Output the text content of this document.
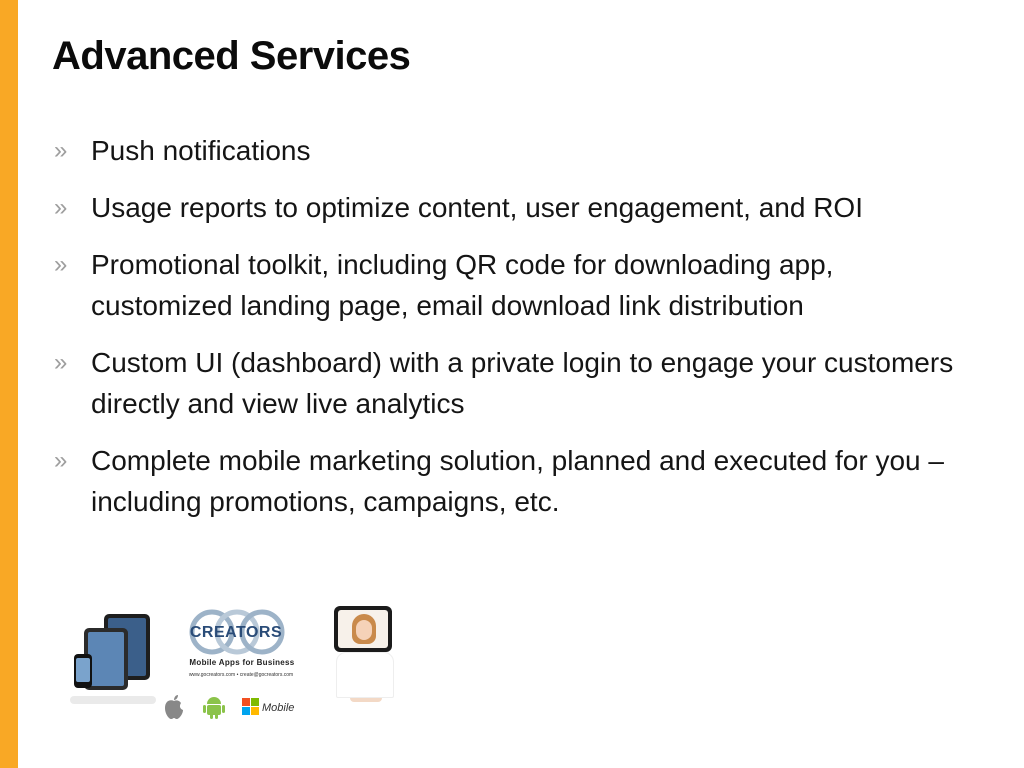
Advanced Services
» Push notifications
» Usage reports to optimize content, user engagement, and ROI
» Promotional toolkit, including QR code for downloading app, customized landing page, email download link distribution
» Custom UI (dashboard) with a private login to engage your customers directly and view live analytics
» Complete mobile marketing solution, planned and executed for you – including promotions, campaigns, etc.
CREATORS
Mobile Apps for Business
www.gocreators.com • create@gocreators.com
Mobile
